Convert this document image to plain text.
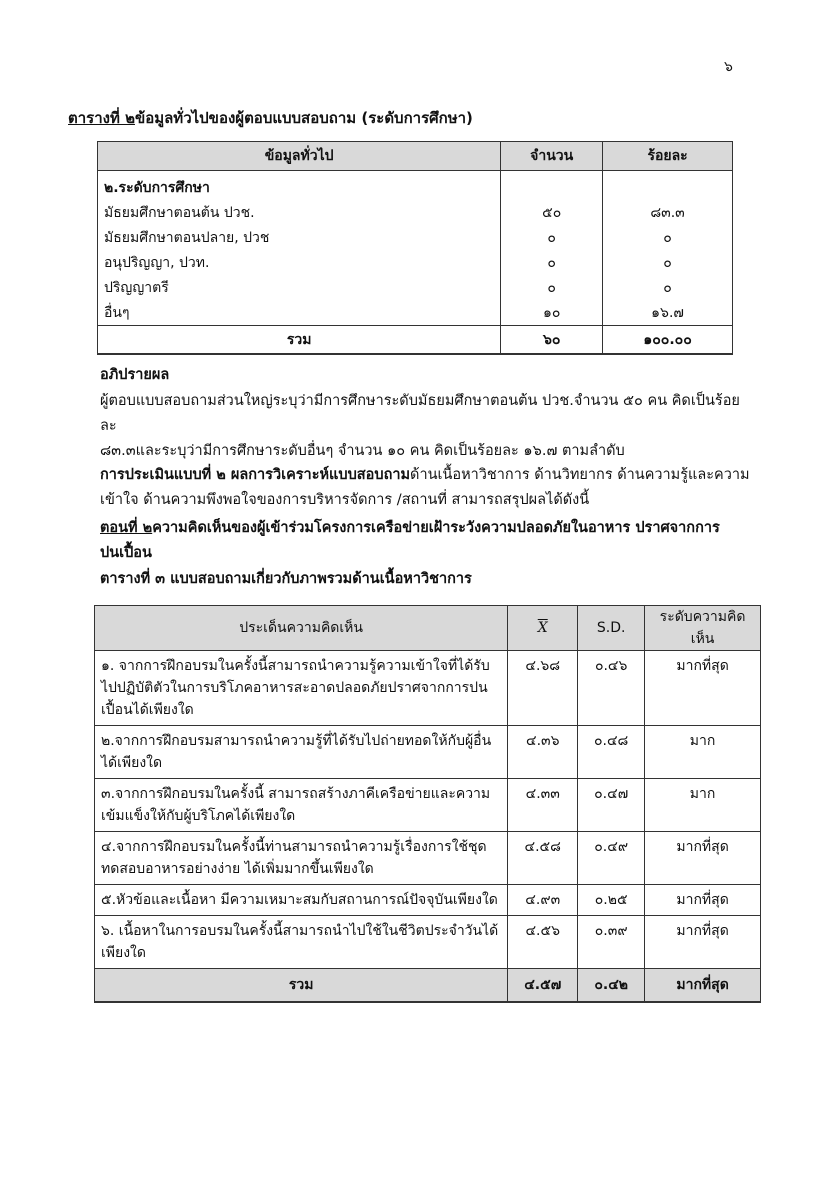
๖
ตารางที่ ๒ข้อมูลทั่วไปของผู้ตอบแบบสอบถาม (ระดับการศึกษา)
ข้อมูลทั่วไป	จำนวน	ร้อยละ
๒.ระดับการศึกษา		
มัธยมศึกษาตอนต้น ปวช.	๕๐	๘๓.๓
มัธยมศึกษาตอนปลาย, ปวช	๐	๐
อนุปริญญา, ปวท.	๐	๐
ปริญญาตรี	๐	๐
อื่นๆ	๑๐	๑๖.๗
รวม	๖๐	๑๐๐.๐๐
อภิปรายผล
ผู้ตอบแบบสอบถามส่วนใหญ่ระบุว่ามีการศึกษาระดับมัธยมศึกษาตอนต้น ปวช.จำนวน ๕๐ คน คิดเป็นร้อยละ
๘๓.๓และระบุว่ามีการศึกษาระดับอื่นๆ จำนวน ๑๐ คน คิดเป็นร้อยละ ๑๖.๗ ตามลำดับ
การประเมินแบบที่ ๒ ผลการวิเคราะห์แบบสอบถามด้านเนื้อหาวิชาการ ด้านวิทยากร ด้านความรู้และความ
เข้าใจ ด้านความพึงพอใจของการบริหารจัดการ /สถานที่ สามารถสรุปผลได้ดังนี้
ตอนที่ ๒ความคิดเห็นของผู้เข้าร่วมโครงการเครือข่ายเฝ้าระวังความปลอดภัยในอาหาร ปราศจากการ
ปนเปื้อน
ตารางที่ ๓ แบบสอบถามเกี่ยวกับภาพรวมด้านเนื้อหาวิชาการ
ประเด็นความคิดเห็น	$\overline{X}$	S.D.	ระดับความคิดเห็น
๑. จากการฝึกอบรมในครั้งนี้สามารถนำความรู้ความเข้าใจที่ได้รับไปปฏิบัติตัวในการบริโภคอาหารสะอาดปลอดภัยปราศจากการปนเปื้อนได้เพียงใด	๔.๖๘	๐.๔๖	มากที่สุด
๒.จากการฝึกอบรมสามารถนำความรู้ที่ได้รับไปถ่ายทอดให้กับผู้อื่นได้เพียงใด	๔.๓๖	๐.๔๘	มาก
๓.จากการฝึกอบรมในครั้งนี้ สามารถสร้างภาคีเครือข่ายและความเข้มแข็งให้กับผู้บริโภคได้เพียงใด	๔.๓๓	๐.๔๗	มาก
๔.จากการฝึกอบรมในครั้งนี้ท่านสามารถนำความรู้เรื่องการใช้ชุดทดสอบอาหารอย่างง่าย ได้เพิ่มมากขึ้นเพียงใด	๔.๕๘	๐.๔๙	มากที่สุด
๕.หัวข้อและเนื้อหา มีความเหมาะสมกับสถานการณ์ปัจจุบันเพียงใด	๔.๙๓	๐.๒๕	มากที่สุด
๖. เนื้อหาในการอบรมในครั้งนี้สามารถนำไปใช้ในชีวิตประจำวันได้เพียงใด	๔.๕๖	๐.๓๙	มากที่สุด
รวม	๔.๕๗	๐.๔๒	มากที่สุด
